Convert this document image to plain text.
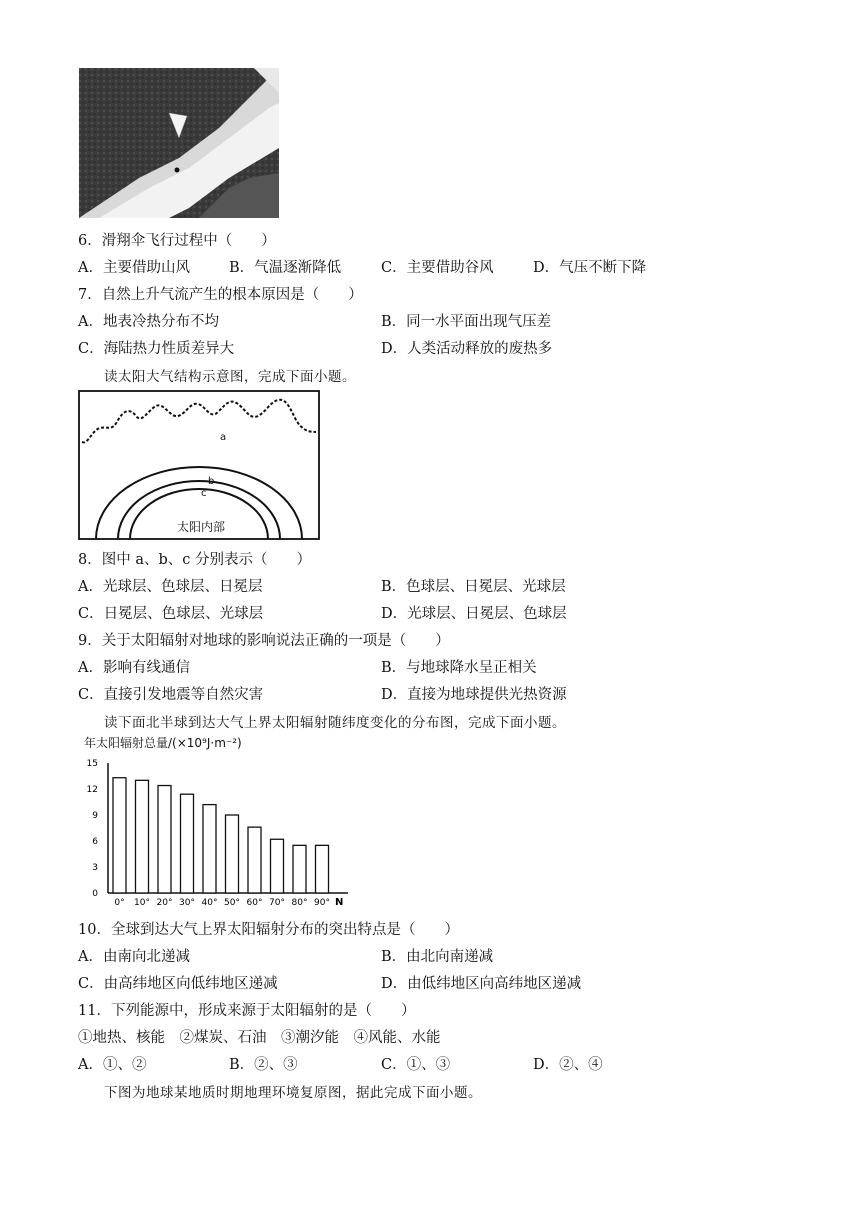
6．滑翔伞飞行过程中（　　）
A．主要借助山风	B．气温逐渐降低	C．主要借助谷风	D．气压不断下降
7．自然上升气流产生的根本原因是（　　）
A．地表冷热分布不均	B．同一水平面出现气压差
C．海陆热力性质差异大	D．人类活动释放的废热多
读太阳大气结构示意图，完成下面小题。
a
b
c
太阳内部
8．图中 a、b、c 分别表示（　　）
A．光球层、色球层、日冕层	B．色球层、日冕层、光球层
C．日冕层、色球层、光球层	D．光球层、日冕层、色球层
9．关于太阳辐射对地球的影响说法正确的一项是（　　）
A．影响有线通信	B．与地球降水呈正相关
C．直接引发地震等自然灾害	D．直接为地球提供光热资源
读下面北半球到达大气上界太阳辐射随纬度变化的分布图，完成下面小题。
年太阳辐射总量/(×10⁹J·m⁻²)
0
3
6
9
12
15
0° 10° 20° 30° 40° 50° 60° 70° 80° 90° N
10．全球到达大气上界太阳辐射分布的突出特点是（　　）
A．由南向北递减	B．由北向南递减
C．由高纬地区向低纬地区递减	D．由低纬地区向高纬地区递减
11．下列能源中，形成来源于太阳辐射的是（　　）
①地热、核能　②煤炭、石油　③潮汐能　④风能、水能
A．①、②	B．②、③	C．①、③	D．②、④
下图为地球某地质时期地理环境复原图，据此完成下面小题。
